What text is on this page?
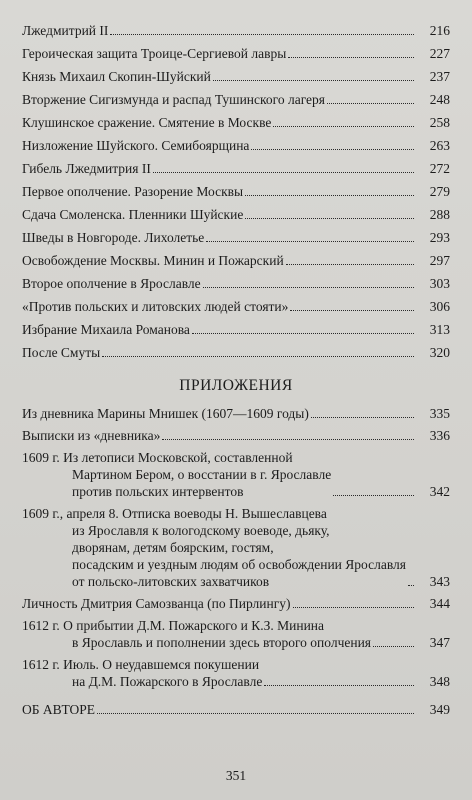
Лжедмитрий II	216
Героическая защита Троице-Сергиевой лавры	227
Князь Михаил Скопин-Шуйский	237
Вторжение Сигизмунда и распад Тушинского лагеря	248
Клушинское сражение. Смятение в Москве	258
Низложение Шуйского. Семибоярщина	263
Гибель Лжедмитрия II	272
Первое ополчение. Разорение Москвы	279
Сдача Смоленска. Пленники Шуйские	288
Шведы в Новгороде. Лихолетье	293
Освобождение Москвы. Минин и Пожарский	297
Второе ополчение в Ярославле	303
«Против польских и литовских людей стояти»	306
Избрание Михаила Романова	313
После Смуты	320
ПРИЛОЖЕНИЯ
Из дневника Марины Мнишек (1607—1609 годы)	335
Выписки из «дневника»	336
1609 г. Из летописи Московской, составленной
Мартином Бером, о восстании в г. Ярославле
против польских интервентов	342
1609 г., апреля 8. Отписка воеводы Н. Вышеславцева
из Ярославля к вологодскому воеводе, дьяку,
дворянам, детям боярским, гостям,
посадским и уездным людям об освобождении Ярославля
от польско-литовских захватчиков	343
Личность Дмитрия Самозванца (по Пирлингу)	344
1612 г. О прибытии Д.М. Пожарского и К.З. Минина
в Ярославль и пополнении здесь второго ополчения	347
1612 г. Июль. О неудавшемся покушении
на Д.М. Пожарского в Ярославле	348
ОБ АВТОРЕ	349
351
